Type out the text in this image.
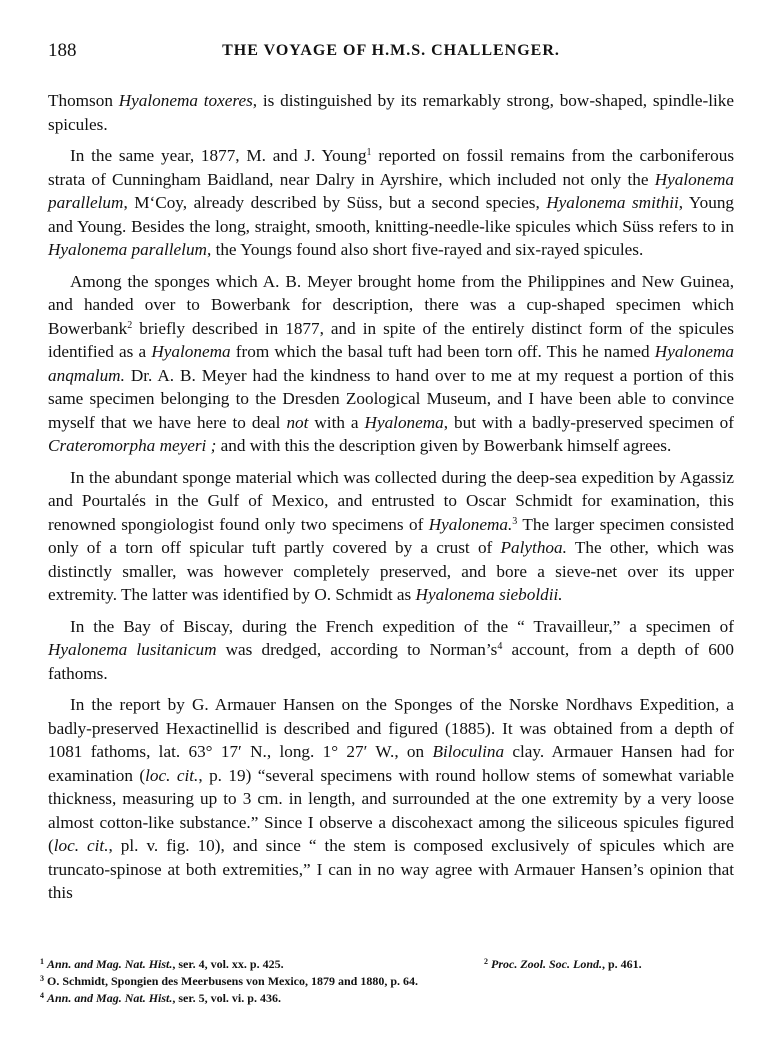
188	THE VOYAGE OF H.M.S. CHALLENGER.

Thomson Hyalonema toxeres, is distinguished by its remarkably strong, bow-shaped, spindle-like spicules.

In the same year, 1877, M. and J. Young$^1$ reported on fossil remains from the carboniferous strata of Cunningham Baidland, near Dalry in Ayrshire, which included not only the Hyalonema parallelum, M‘Coy, already described by Süss, but a second species, Hyalonema smithii, Young and Young. Besides the long, straight, smooth, knitting-needle-like spicules which Süss refers to in Hyalonema parallelum, the Youngs found also short five-rayed and six-rayed spicules.

Among the sponges which A. B. Meyer brought home from the Philippines and New Guinea, and handed over to Bowerbank for description, there was a cup-shaped specimen which Bowerbank$^2$ briefly described in 1877, and in spite of the entirely distinct form of the spicules identified as a Hyalonema from which the basal tuft had been torn off. This he named Hyalonema anqmalum. Dr. A. B. Meyer had the kindness to hand over to me at my request a portion of this same specimen belonging to the Dresden Zoological Museum, and I have been able to convince myself that we have here to deal not with a Hyalonema, but with a badly-preserved specimen of Crateromorpha meyeri ; and with this the description given by Bowerbank himself agrees.

In the abundant sponge material which was collected during the deep-sea expedition by Agassiz and Pourtalés in the Gulf of Mexico, and entrusted to Oscar Schmidt for examination, this renowned spongiologist found only two specimens of Hyalonema.$^3$ The larger specimen consisted only of a torn off spicular tuft partly covered by a crust of Palythoa. The other, which was distinctly smaller, was however completely preserved, and bore a sieve-net over its upper extremity. The latter was identified by O. Schmidt as Hyalonema sieboldii.

In the Bay of Biscay, during the French expedition of the “ Travailleur,” a specimen of Hyalonema lusitanicum was dredged, according to $Norman’s^4$ account, from a depth of 600 fathoms.

In the report by G. Armauer Hansen on the Sponges of the Norske Nordhavs Expedition, a badly-preserved Hexactinellid is described and figured (1885). It was obtained from a depth of 1081 fathoms, lat. 63° 17′ N., long. 1° 27′ W., on Biloculina clay. Armauer Hansen had for examination (loc. cit., p. 19) “several specimens with round hollow stems of somewhat variable thickness, measuring up to 3 cm. in length, and surrounded at the one extremity by a very loose almost cotton-like substance.” Since I observe a discohexact among the siliceous spicules figured (loc. cit., pl. v. fig. 10), and since “ the stem is composed exclusively of spicules which are truncato-spinose at both extremities,” I can in no way agree with Armauer Hansen’s opinion that this

$^1$ Ann. and Mag. Nat. Hist., ser. 4, vol. xx. p. 425.	$^2$ Proc. Zool. Soc. Lond., p. 461.
$^3$ O. Schmidt, Spongien des Meerbusens von Mexico, 1879 and 1880, p. 64.
$^4$ Ann. and Mag. Nat. Hist., ser. 5, vol. vi. p. 436.
